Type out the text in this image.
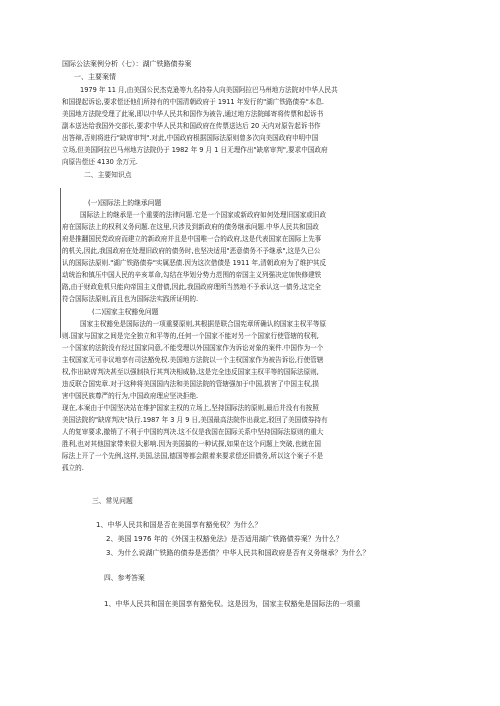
国际公法案例分析（七）：湖广铁路债券案
一、主要案情
1979 年 11 月,由美国公民杰克逊等九名持券人向美国阿拉巴马州地方法院对中华人民共
和国提起诉讼,要求偿还他们所持有的中国清朝政府于 1911 年发行的"湖广铁路债券"本息.
美国地方法院受理了此案,即以中华人民共和国作为被告,通过地方法院邮寄将传票和起诉书
副本送达给我国外交部长,要求中华人民共和国政府在传票送达后 20 天内对原告起诉书作
出答辩,否则将进行"缺席审判".对此,中国政府根据国际法原则曾多次向美国政府申明中国
立场,但美国阿拉巴马州地方法院仍于 1982 年 9 月 1 日无理作出"缺席审判",要求中国政府
向原告偿还 4130 余万元.
二、主要知识点
(一)国际法上的继承问题
国际法上的继承是一个重要的法律问题.它是一个国家或新政府如何处理旧国家或旧政
府在国际法上的权利义务问题.在这里,只涉及到新政府的债务继承问题.中华人民共和国政
府是推翻国民党政府而建立的新政府并且是中国唯一合的政府,这是代表国家在国际上先事
的机关,因此,我国政府在处理旧政府的债务时,也坚决适用"恶意债务不予继承",这是久已公
认的国际法原则."湖广铁路债券"实属恶债.因为这次借债是 1911 年,清朝政府为了维护其反
动统治和镇压中国人民的辛亥革命,勾结在华划分势力范围的帝国主义列强决定加快修建铁
路,由于财政危机只能向帝国主义借债,因此,我国政府理所当然地不予承认这一债务,这完全
符合国际法原则,而且也为国际法实践所证明的.
(二)国家主权豁免问题
国家主权豁免是国际法的一项重要原则,其根据是联合国宪章所确认的国家主权平等原
则.国家与国家之间是完全独立和平等的,任何一个国家不能对另一个国家行使管辖的权利,
一个国家的法院没有经过国家同意,不能受理以外国国家作为诉讼对象的案件.中国作为一个
主权国家无可非议地享有司法豁免权.美国地方法院以一个主权国家作为被告诉讼,行使管辖
权,作出缺席判决甚至以强制执行其判决相威胁,这是完全违反国家主权平等的国际法原则,
违反联合国宪章.对于这种将美国国内法和美国法院的管辖强加于中国,损害了中国主权,损
害中国民族尊严的行为,中国政府理应坚决拒绝.
现在,本案由于中国坚决站在维护国家主权的立场上,坚持国际法的原则,最后并没有有按照
美国法院的"缺席判决"执行.1987 年 3 月 9 日,美国最高法院作出裁定,驳回了美国债券持有
人的复审要求,撤销了不利于中国的判决.这不仅是我国在国际关系中坚持国际法原则的重大
胜利,也对其他国家带来很大影响.因为美国搞的一种试探,如果在这个问题上突破,也就在国
际法上开了一个先例,这样,美国,法国,德国等都会跟着来要求偿还旧债务,所以这个案子不是
孤立的.
三、常见问题
1、中华人民共和国是否在美国享有豁免权？为什么？
2、美国 1976 年的《外国主权豁免法》是否适用湖广铁路债券案？为什么？
3、为什么说湖广铁路的债券是恶债？中华人民共和国政府是否有义务继承？为什么？
四、参考答案
1、中华人民共和国在美国享有豁免权。这是因为，国家主权豁免是国际法的一项重
